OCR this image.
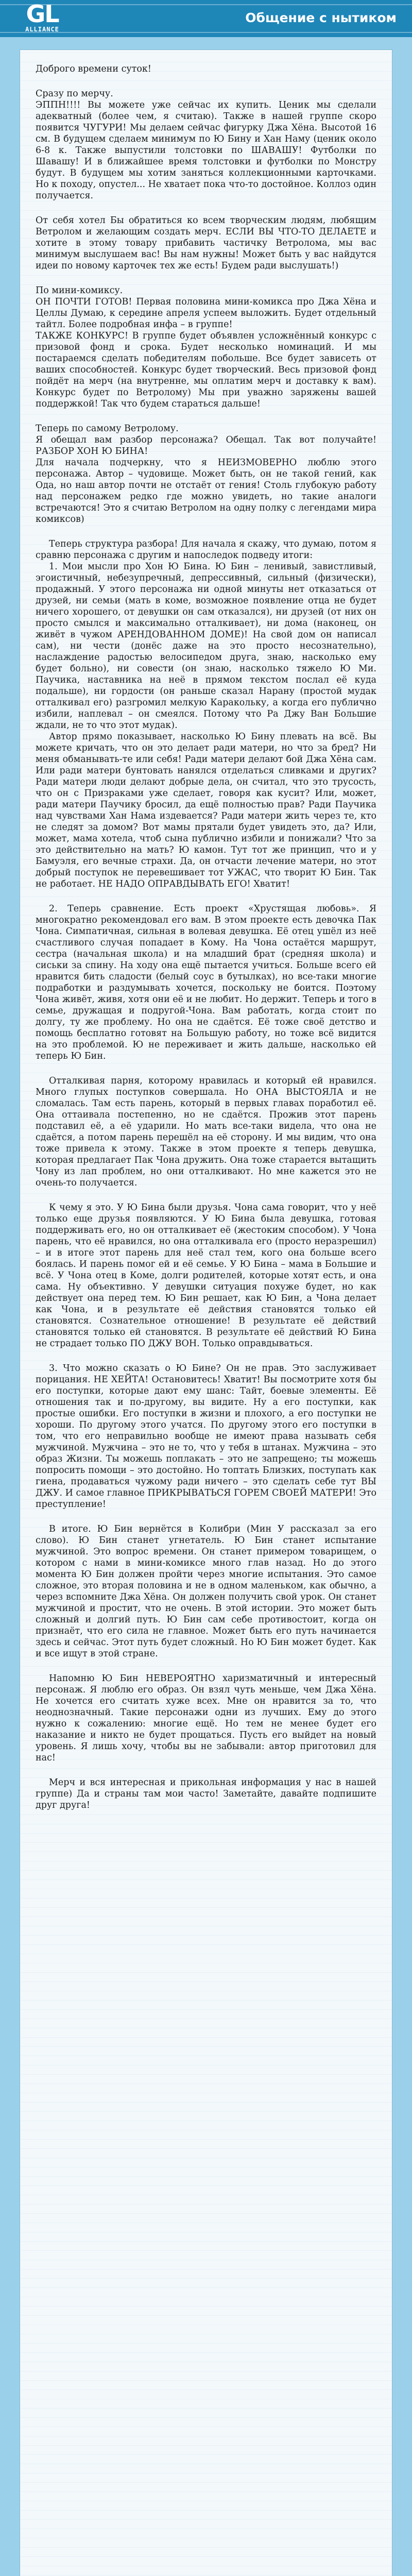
GL
ALLIANCE
Общение с нытиком

Доброго времени суток!

Сразу по мерчу.

ЭППН!!!! Вы можете уже сейчас их купить. Ценик мы сделали адекватный (более чем, я считаю). Также в нашей группе скоро появится ЧУГУРИ! Мы делаем сейчас фигурку Джа Хёна. Высотой 16 см. В будущем сделаем минимум по Ю Бину и Хан Наму (ценик около 6-8 к. Также выпустили толстовки по ШАВАШУ! Футболки по Шавашу! И в ближайшее время толстовки и футболки по Монстру будут. В будущем мы хотим заняться коллекционными карточками. Но к походу, опустел... Не хватает пока что-то достойное. Коллоз один получается.

От себя хотел Бы обратиться ко всем творческим людям, любящим Ветролом и желающим создать мерч. ЕСЛИ ВЫ ЧТО-ТО ДЕЛАЕТЕ и хотите в этому товару прибавить частичку Ветролома, мы вас минимум выслушаем вас! Вы нам нужны! Может быть у вас найдутся идеи по новому карточек тех же есть! Будем ради выслушать!)

По мини-комиксу.

ОН ПОЧТИ ГОТОВ! Первая половина мини-комикса про Джа Хёна и Целлы Думаю, к середине апреля успеем выложить. Будет отдельный тайтл. Более подробная инфа – в группе!

ТАКЖЕ КОНКУРС! В группе будет объявлен усложнённый конкурс с призовой фонд и срока. Будет несколько номинаций. И мы постараемся сделать победителям побольше. Все будет зависеть от ваших способностей. Конкурс будет творческий. Весь призовой фонд пойдёт на мерч (на внутренне, мы оплатим мерч и доставку к вам). Конкурс будет по Ветролому) Мы при уважно заряжены вашей поддержкой! Так что будем стараться дальше!

Теперь по самому Ветролому.

Я обещал вам разбор персонажа? Обещал. Так вот получайте! РАЗБОР ХОН Ю БИНА!

Для начала подчеркну, что я НЕИЗМОВЕРНО люблю этого персонажа. Автор – чудовище. Может быть, он не такой гений, как Ода, но наш автор почти не отстаёт от гения! Столь глубокую работу над персонажем редко где можно увидеть, но такие аналоги встречаются! Это я считаю Ветролом на одну полку с легендами мира комиксов)

Теперь структура разбора! Для начала я скажу, что думаю, потом я сравню персонажа с другим и напоследок подведу итоги:

1. Мои мысли про Хон Ю Бина. Ю Бин – ленивый, завистливый, эгоистичный, небезупречный, депрессивный, сильный (физически), продажный. У этого персонажа ни одной минуты нет отказаться от друзей, ни семьи (мать в коме, возможное появление отца не будет ничего хорошего, от девушки он сам отказался), ни друзей (от них он просто смылся и максимально отталкивает), ни дома (наконец, он живёт в чужом АРЕНДОВАННОМ ДОМЕ)! На свой дом он написал сам), ни чести (донёс даже на это просто несознательно), наслаждение радостью велосипедом друга, знаю, насколько ему будет больно), ни совести (он знаю, насколько тяжело Ю Ми. Паучика, наставника на неё в прямом текстом послал её куда подальше), ни гордости (он раньше сказал Нарану (простой мудак отталкивал его) разгромил мелкую Каракольку, а когда его публично избили, наплевал – он смеялся. Потому что Ра Джу Ван Большие ждали, не то что этот мудак).

Автор прямо показывает, насколько Ю Бину плевать на всё. Вы можете кричать, что он это делает ради матери, но что за бред? Ни меня обманывать-те или себя! Ради матери делают бой Джа Хёна сам. Или ради матери бунтовать нанялся отделаться сливками и других? Ради матери люди делают добрые дела, он считал, что это трусость, что он с Призраками уже сделает, говоря как кусит? Или, может, ради матери Паучику бросил, да ещё полностью прав? Ради Паучика над чувствами Хан Нама издевается? Ради матери жить через те, кто не следят за домом? Вот мамы прятали будет увидеть это, да? Или, может, мама хотела, чтоб сына публично избили и понижали? Что за это действительно на мать? Ю камон. Тут тот же принцип, что и у Бамуэля, его вечные страхи. Да, он отчасти лечение матери, но этот добрый поступок не перевешивает тот УЖАС, что творит Ю Бин. Так не работает. НЕ НАДО ОПРАВДЫВАТЬ ЕГО! Хватит!

2. Теперь сравнение. Есть проект «Хрустящая любовь». Я многократно рекомендовал его вам. В этом проекте есть девочка Пак Чона. Симпатичная, сильная в волевая девушка. Её отец ушёл из неё счастливого случая попадает в Кому. На Чона остаётся маршрут, сестра (начальная школа) и на младший брат (средняя школа) и сиськи за спину. На ходу она ещё пытается учиться. Больше всего ей нравится бить сладости (белый соус в бутылках), но все-таки многие подработки и раздумывать хочется, поскольку не боится. Поэтому Чона живёт, живя, хотя они её и не любит. Но держит. Теперь и того в семье, дружащая и подругой-Чона. Вам работать, когда стоит по долгу, ту же проблему. Но она не сдаётся. Её тоже своё детство и помощь бесплатно готовят на Большую работу, но тоже всё видится на это проблемой. Ю не переживает и жить дальше, насколько ей теперь Ю Бин.

Отталкивая парня, которому нравилась и который ей нравился. Много глупых поступков совершала. Но ОНА ВЫСТОЯЛА и не сломалась. Там есть парень, который в первых главах поработил её. Она оттаивала постепенно, но не сдаётся. Прожив этот парень подставил её, а её ударили. Но мать все-таки видела, что она не сдаётся, а потом парень перешёл на её сторону. И мы видим, что она тоже привела к этому. Также в этом проекте я теперь девушка, которая предлагает Пак Чона дружить. Она тоже старается вытащить Чону из лап проблем, но они отталкивают. Но мне кажется это не очень-то получается.

К чему я это. У Ю Бина были друзья. Чона сама говорит, что у неё только еще друзья появляются. У Ю Бина была девушка, готовая поддерживать его, но он отталкивает её (жестоким способом). У Чона парень, что её нравился, но она отталкивала его (просто неразрешил) – и в итоге этот парень для неё стал тем, кого она больше всего боялась. И парень помог ей и её семье. У Ю Бина – мама в Большие и всё. У Чона отец в Коме, долги родителей, которые хотят есть, и она сама. Ну объективно. У девушки ситуация похуже будет, но как действует она перед тем. Ю Бин решает, как Ю Бин, а Чона делает как Чона, и в результате её действия становятся только ей становятся. Сознательное отношение! В результате её действий становятся только ей становятся. В результате её действий Ю Бина не страдает только ПО ДЖУ ВОН. Только оправдываться.

3. Что можно сказать о Ю Бине? Он не прав. Это заслуживает порицания. НЕ ХЕЙТА! Остановитесь! Хватит! Вы посмотрите хотя бы его поступки, которые дают ему шанс: Тайт, боевые элементы. Её отношения так и по-другому, вы видите. Ну а его поступки, как простые ошибки. Его поступки в жизни и плохого, а его поступки не хороши. По другому этого учатся. По другому этого его поступки в том, что его неправильно вообще не имеют права называть себя мужчиной. Мужчина – это не то, что у тебя в штанах. Мужчина – это образ Жизни. Ты можешь поплакать – это не запрещено; ты можешь попросить помощи – это достойно. Но топтать Близких, поступать как гиена, продаваться чужому ради ничего – это сделать себе тут ВЫ ДЖУ. И самое главное ПРИКРЫВАТЬСЯ ГОРЕМ СВОЕЙ МАТЕРИ! Это преступление!

В итоге. Ю Бин вернётся в Колибри (Мин У рассказал за его слово). Ю Бин станет угнетатель. Ю Бин станет испытание мужчиной. Это вопрос времени. Он станет примером товарищем, о котором с нами в мини-комиксе много глав назад. Но до этого момента Ю Бин должен пройти через многие испытания. Это самое сложное, это вторая половина и не в одном маленьком, как обычно, а через вспомните Джа Хёна. Он должен получить свой урок. Он станет мужчиной и простит, что не очень. В этой истории. Это может быть сложный и долгий путь. Ю Бин сам себе противостоит, когда он признаёт, что его сила не главное. Может быть его путь начинается здесь и сейчас. Этот путь будет сложный. Но Ю Бин может будет. Как и все ищут в этой стране.

Напомню Ю Бин НЕВЕРОЯТНО харизматичный и интересный персонаж. Я люблю его образ. Он взял чуть меньше, чем Джа Хёна. Не хочется его считать хуже всех. Мне он нравится за то, что неоднозначный. Такие персонажи одни из лучших. Ему до этого нужно к сожалению: многие ещё. Но тем не менее будет его наказание и никто не будет прощаться. Пусть его выйдет на новый уровень. Я лишь хочу, чтобы вы не забывали: автор приготовил для нас!

Мерч и вся интересная и прикольная информация у нас в нашей группе) Да и страны там мои часто! Заметайте, давайте подпишите друг друга!
